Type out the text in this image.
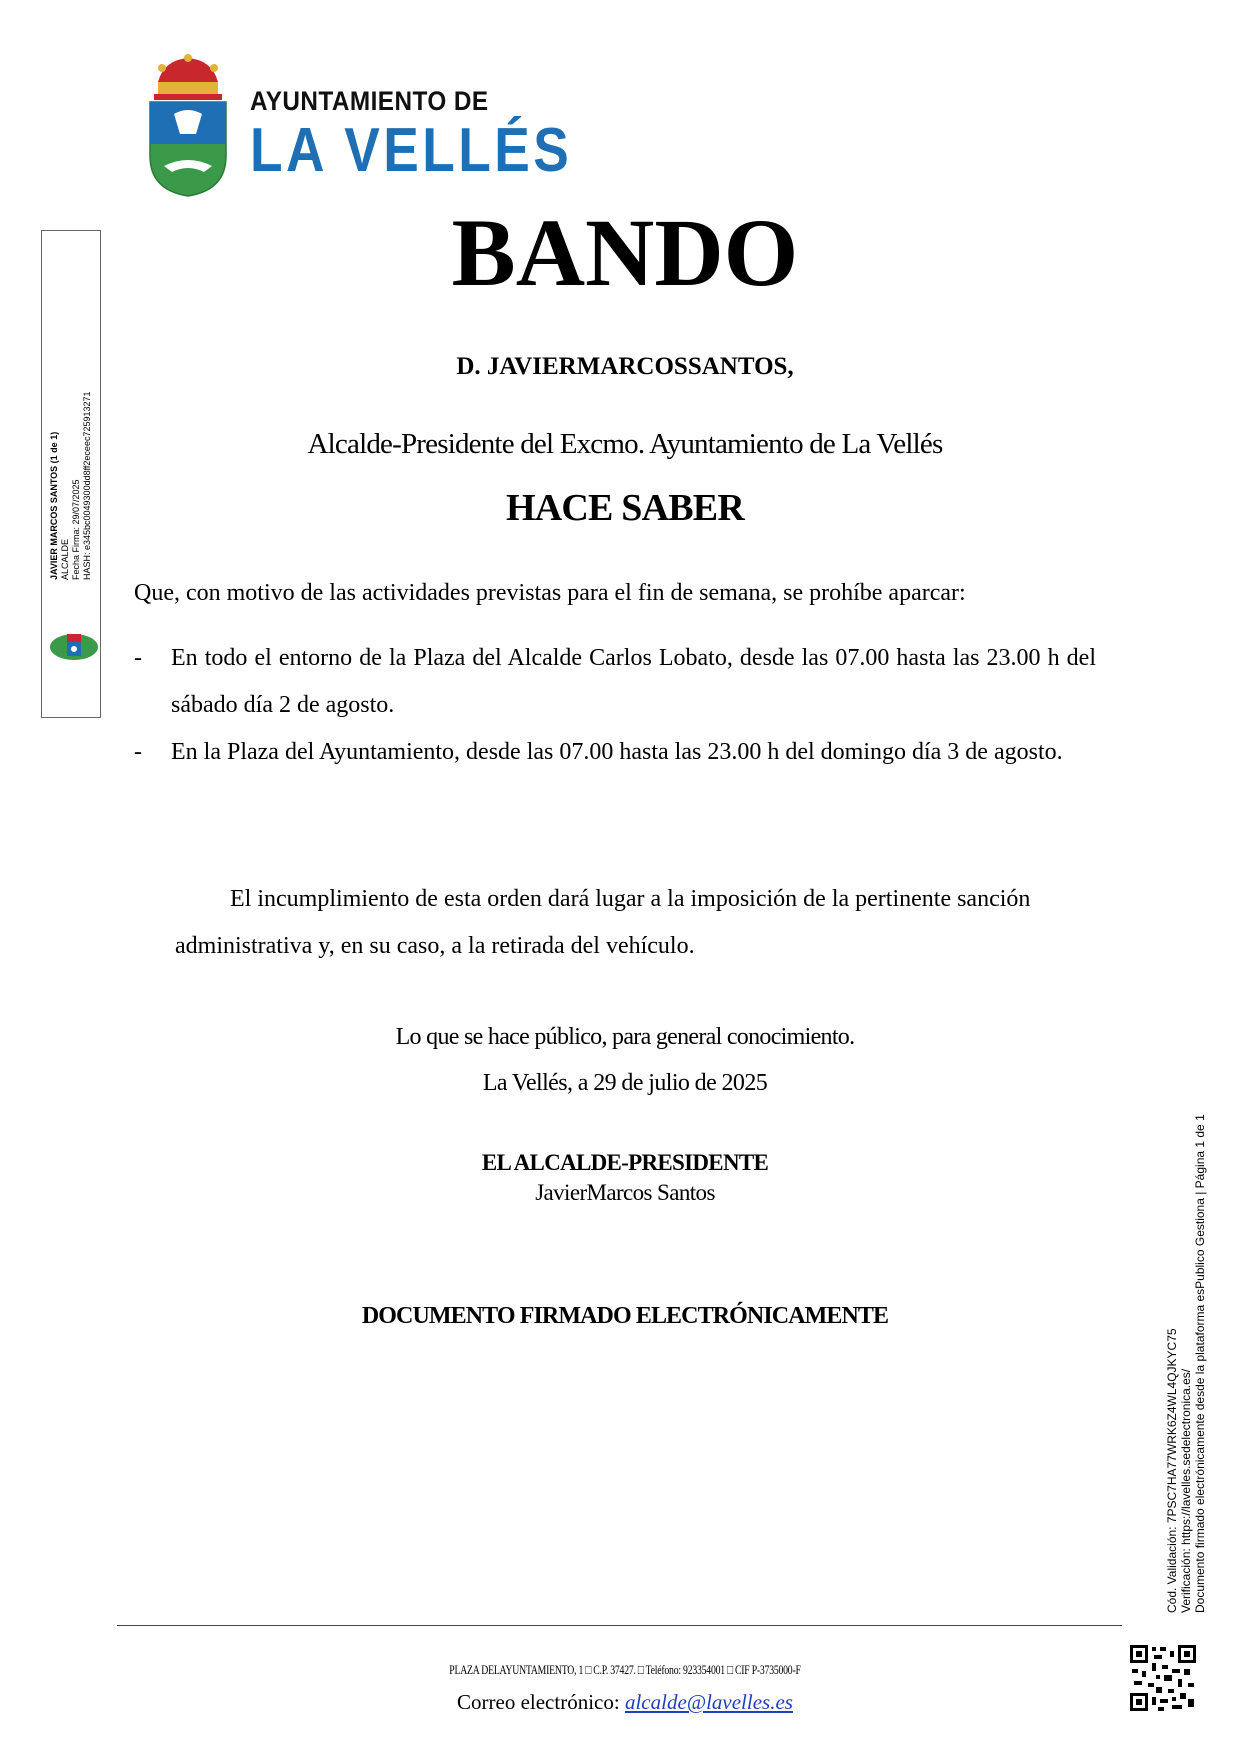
AYUNTAMIENTO DE
LA VELLÉS
JAVIER MARCOS SANTOS (1 de 1) ALCALDE Fecha Firma: 29/07/2025 HASH: e345bc0049300dd8ff2eceeс725913271
BANDO
D. JAVIERMARCOSSANTOS,
Alcalde-Presidente del Excmo. Ayuntamiento de La Vellés
HACE SABER
Que, con motivo de las actividades previstas para el fin de semana, se prohíbe aparcar:
- En todo el entorno de la Plaza del Alcalde Carlos Lobato, desde las 07.00 hasta las 23.00 h del sábado día 2 de agosto.
- En la Plaza del Ayuntamiento, desde las 07.00 hasta las 23.00 h del domingo día 3 de agosto.
El incumplimiento de esta orden dará lugar a la imposición de la pertinente sanción administrativa y, en su caso, a la retirada del vehículo.
Lo que se hace público, para general conocimiento.
La Vellés, a 29 de julio de 2025
EL ALCALDE-PRESIDENTE
JavierMarcos Santos
DOCUMENTO FIRMADO ELECTRÓNICAMENTE
Cód. Validación: 7PSC7HA77WRK6Z4WL4QJKYC75 Verificación: https://lavelles.sedelectronica.es/ Documento firmado electrónicamente desde la plataforma esPublico Gestiona | Página 1 de 1
PLAZA DELAYUNTAMIENTO, 1 □ C.P. 37427. □ Teléfono: 923354001 □ CIF P-3735000-F
Correo electrónico: alcalde@lavelles.es
